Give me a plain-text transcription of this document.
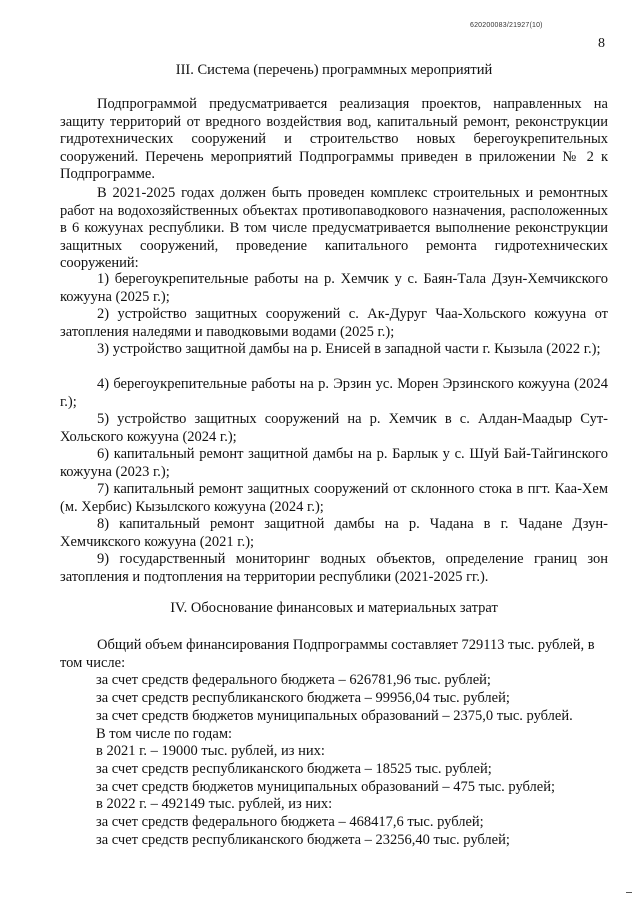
620200083/21927(10)
8
III. Система (перечень) программных мероприятий

Подпрограммой предусматривается реализация проектов, направленных на защиту территорий от вредного воздействия вод, капитальный ремонт, реконструкции гидротехнических сооружений и строительство новых берегоукрепительных сооружений. Перечень мероприятий Подпрограммы приведен в приложении № 2 к Подпрограмме.

В 2021-2025 годах должен быть проведен комплекс строительных и ремонтных работ на водохозяйственных объектах противопаводкового назначения, расположенных в 6 кожуунах республики. В том числе предусматривается выполнение реконструкции защитных сооружений, проведение капитального ремонта гидротехнических сооружений:

1) берегоукрепительные работы на р. Хемчик у с. Баян-Тала Дзун-Хемчикского кожууна (2025 г.);

2) устройство защитных сооружений с. Ак-Дуруг Чаа-Хольского кожууна от затопления наледями и паводковыми водами (2025 г.);

3) устройство защитной дамбы на р. Енисей в западной части г. Кызыла (2022 г.);

4) берегоукрепительные работы на р. Эрзин ус. Морен Эрзинского кожууна (2024 г.);

5) устройство защитных сооружений на р. Хемчик в с. Алдан-Маадыр Сут-Хольского кожууна (2024 г.);

6) капитальный ремонт защитной дамбы на р. Барлык у с. Шуй Бай-Тайгинского кожууна (2023 г.);

7) капитальный ремонт защитных сооружений от склонного стока в пгт. Каа-Хем (м. Хербис) Кызылского кожууна (2024 г.);

8) капитальный ремонт защитной дамбы на р. Чадана в г. Чадане Дзун-Хемчикского кожууна (2021 г.);

9) государственный мониторинг водных объектов, определение границ зон затопления и подтопления на территории республики (2021-2025 гг.).

IV. Обоснование финансовых и материальных затрат

Общий объем финансирования Подпрограммы составляет 729113 тыс. рублей, в том числе:

за счет средств федерального бюджета – 626781,96 тыс. рублей;

за счет средств республиканского бюджета – 99956,04 тыс. рублей;

за счет средств бюджетов муниципальных образований – 2375,0 тыс. рублей.

В том числе по годам:

в 2021 г. – 19000 тыс. рублей, из них:

за счет средств республиканского бюджета – 18525 тыс. рублей;

за счет средств бюджетов муниципальных образований – 475 тыс. рублей;

в 2022 г. – 492149 тыс. рублей, из них:

за счет средств федерального бюджета – 468417,6 тыс. рублей;

за счет средств республиканского бюджета – 23256,40 тыс. рублей;
